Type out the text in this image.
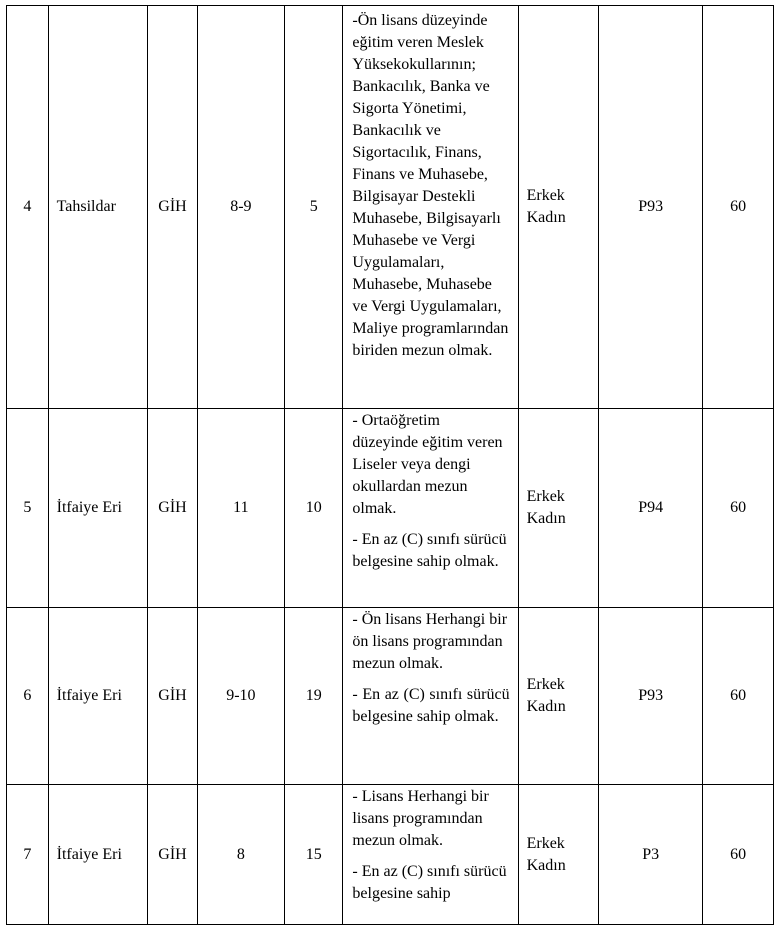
4	Tahsildar	GİH	8-9	5	-Ön lisans düzeyinde eğitim veren Meslek Yüksekokullarının; Bankacılık, Banka ve Sigorta Yönetimi, Bankacılık ve Sigortacılık, Finans, Finans ve Muhasebe, Bilgisayar Destekli Muhasebe, Bilgisayarlı Muhasebe ve Vergi Uygulamaları, Muhasebe, Muhasebe ve Vergi Uygulamaları, Maliye programlarından biriden mezun olmak.	Erkek Kadın	P93	60
5	İtfaiye Eri	GİH	11	10	- Ortaöğretim düzeyinde eğitim veren Liseler veya dengi okullardan mezun olmak.

- En az (C) sınıfı sürücü belgesine sahip olmak.	Erkek Kadın	P94	60
6	İtfaiye Eri	GİH	9-10	19	- Ön lisans Herhangi bir ön lisans programından mezun olmak.

- En az (C) sınıfı sürücü belgesine sahip olmak.	Erkek Kadın	P93	60
7	İtfaiye Eri	GİH	8	15	- Lisans Herhangi bir lisans programından mezun olmak.

- En az (C) sınıfı sürücü belgesine sahip	Erkek Kadın	P3	60
